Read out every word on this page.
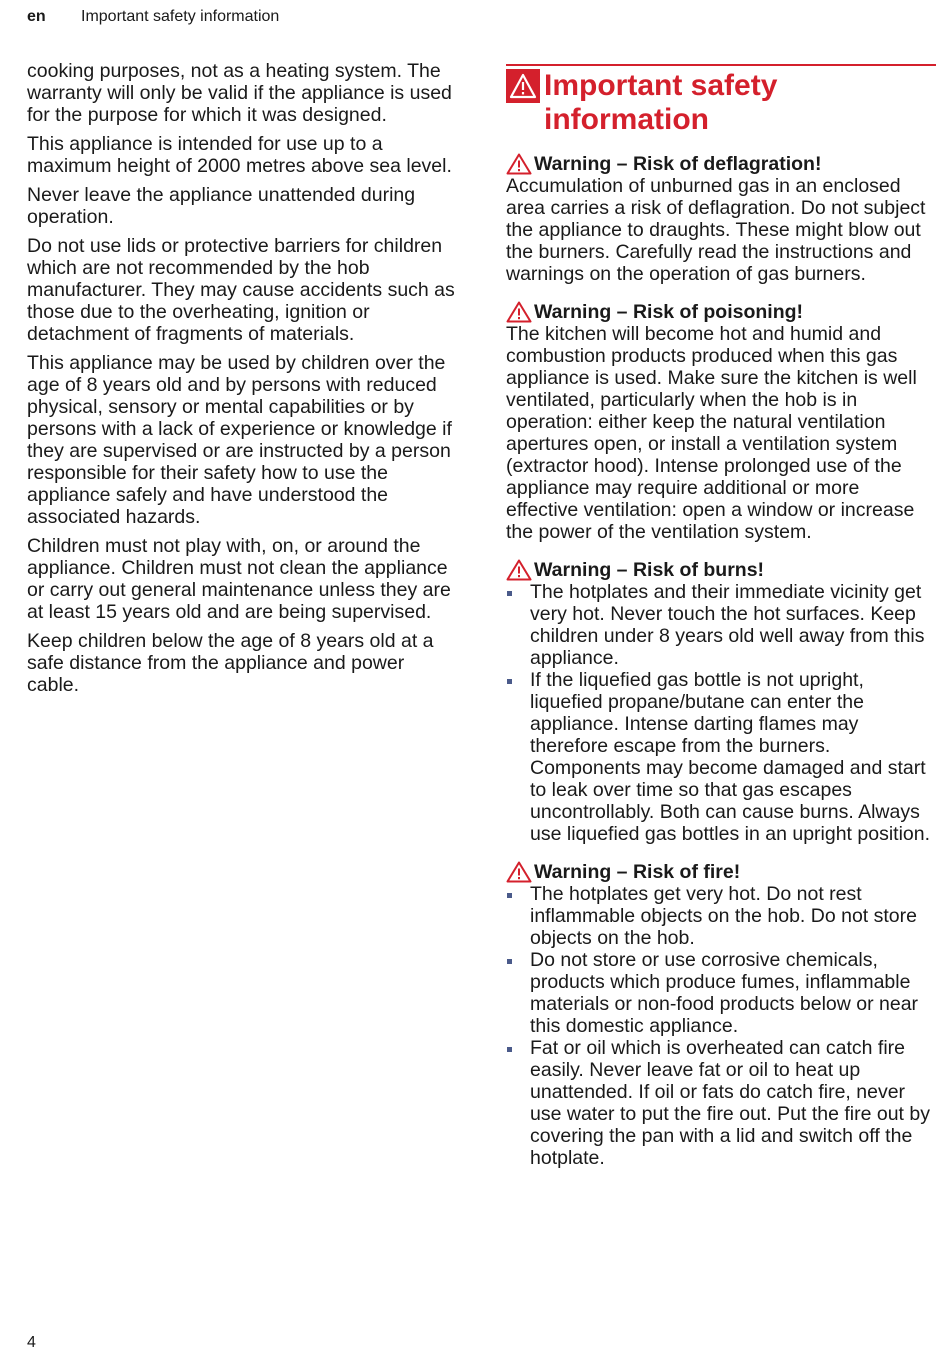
en Important safety information

cooking purposes, not as a heating system. The warranty will only be valid if the appliance is used for the purpose for which it was designed.

This appliance is intended for use up to a maximum height of 2000 metres above sea level.

Never leave the appliance unattended during operation.

Do not use lids or protective barriers for children which are not recommended by the hob manufacturer. They may cause accidents such as those due to the overheating, ignition or detachment of fragments of materials.

This appliance may be used by children over the age of 8 years old and by persons with reduced physical, sensory or mental capabilities or by persons with a lack of experience or knowledge if they are supervised or are instructed by a person responsible for their safety how to use the appliance safely and have understood the associated hazards.

Children must not play with, on, or around the appliance. Children must not clean the appliance or carry out general maintenance unless they are at least 15 years old and are being supervised.

Keep children below the age of 8 years old at a safe distance from the appliance and power cable.

Important safety information
Warning – Risk of deflagration!

Accumulation of unburned gas in an enclosed area carries a risk of deflagration. Do not subject the appliance to draughts. These might blow out the burners. Carefully read the instructions and warnings on the operation of gas burners.

Warning – Risk of poisoning!

The kitchen will become hot and humid and combustion products produced when this gas appliance is used. Make sure the kitchen is well ventilated, particularly when the hob is in operation: either keep the natural ventilation apertures open, or install a ventilation system (extractor hood). Intense prolonged use of the appliance may require additional or more effective ventilation: open a window or increase the power of the ventilation system.

Warning – Risk of burns!
The hotplates and their immediate vicinity get very hot. Never touch the hot surfaces. Keep children under 8 years old well away from this appliance.
If the liquefied gas bottle is not upright, liquefied propane/butane can enter the appliance. Intense darting flames may therefore escape from the burners. Components may become damaged and start to leak over time so that gas escapes uncontrollably. Both can cause burns. Always use liquefied gas bottles in an upright position.
Warning – Risk of fire!
The hotplates get very hot. Do not rest inflammable objects on the hob. Do not store objects on the hob.
Do not store or use corrosive chemicals, products which produce fumes, inflammable materials or non-food products below or near this domestic appliance.
Fat or oil which is overheated can catch fire easily. Never leave fat or oil to heat up unattended. If oil or fats do catch fire, never use water to put the fire out. Put the fire out by covering the pan with a lid and switch off the hotplate.
4
